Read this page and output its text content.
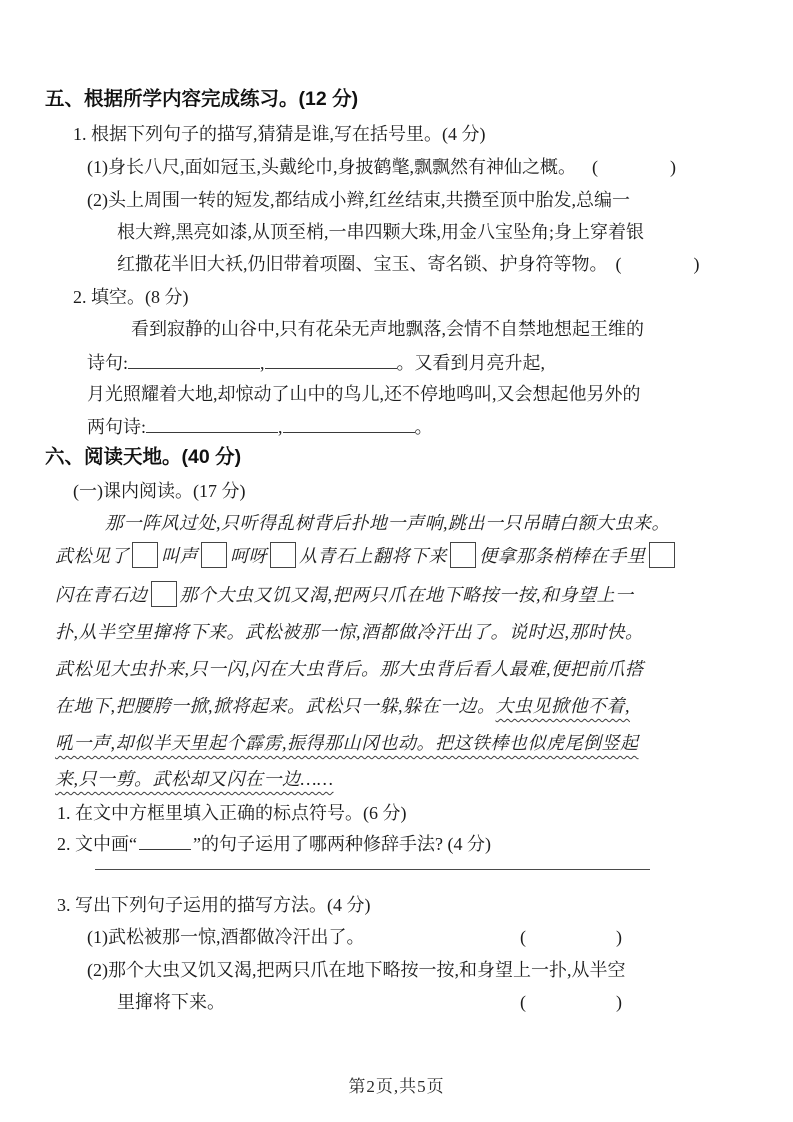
五、根据所学内容完成练习。(12 分)
1. 根据下列句子的描写,猜猜是谁,写在括号里。(4 分)
(1)身长八尺,面如冠玉,头戴纶巾,身披鹤氅,飘飘然有神仙之概。 (　　　　)
(2)头上周围一转的短发,都结成小辫,红丝结束,共攒至顶中胎发,总编一
根大辫,黑亮如漆,从顶至梢,一串四颗大珠,用金八宝坠角;身上穿着银
红撒花半旧大袄,仍旧带着项圈、宝玉、寄名锁、护身符等物。 (　　　　)
2. 填空。(8 分)
看到寂静的山谷中,只有花朵无声地飘落,会情不自禁地想起王维的
诗句:	,	。又看到月亮升起,
月光照耀着大地,却惊动了山中的鸟儿,还不停地鸣叫,又会想起他另外的
两句诗:	,	。
六、阅读天地。(40 分)
(一)课内阅读。(17 分)
那一阵风过处,只听得乱树背后扑地一声响,跳出一只吊睛白额大虫来。
武松见了 叫声 呵呀 从青石上翻将下来 便拿那条梢棒在手里
闪在青石边 那个大虫又饥又渴,把两只爪在地下略按一按,和身望上一
扑,从半空里撺将下来。武松被那一惊,酒都做冷汗出了。说时迟,那时快。
武松见大虫扑来,只一闪,闪在大虫背后。那大虫背后看人最难,便把前爪搭
在地下,把腰胯一掀,掀将起来。武松只一躲,躲在一边。大虫见掀他不着,
吼一声,却似半天里起个霹雳,振得那山冈也动。把这铁棒也似虎尾倒竖起
来,只一剪。武松却又闪在一边……
1. 在文中方框里填入正确的标点符号。(6 分)
2. 文中画“	”的句子运用了哪两种修辞手法? (4 分)
3. 写出下列句子运用的描写方法。(4 分)
(1)武松被那一惊,酒都做冷汗出了。	(　　　　　)
(2)那个大虫又饥又渴,把两只爪在地下略按一按,和身望上一扑,从半空
里撺将下来。	(　　　　　)
第2页,共5页
